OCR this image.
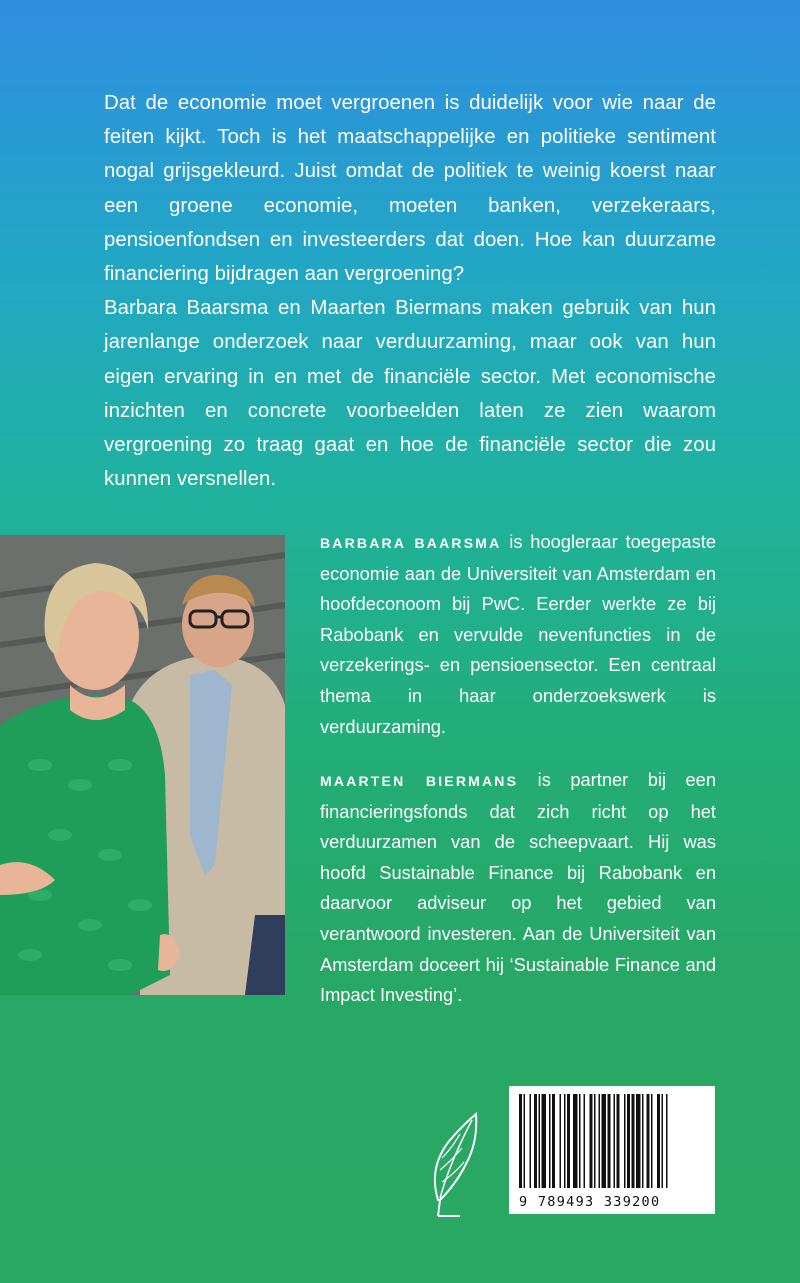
Dat de economie moet vergroenen is duidelijk voor wie naar de feiten kijkt. Toch is het maatschappelijke en politieke sentiment nogal grijsgekleurd. Juist omdat de politiek te weinig koerst naar een groene economie, moeten banken, verzekeraars, pensioenfondsen en investeerders dat doen. Hoe kan duurzame financiering bijdragen aan vergroening?

Barbara Baarsma en Maarten Biermans maken gebruik van hun jarenlange onderzoek naar verduurzaming, maar ook van hun eigen ervaring in en met de financiële sector. Met economische inzichten en concrete voorbeelden laten ze zien waarom vergroening zo traag gaat en hoe de financiële sector die zou kunnen versnellen.

BARBARA BAARSMA is hoogleraar toegepaste economie aan de Universiteit van Amsterdam en hoofdeconoom bij PwC. Eerder werkte ze bij Rabobank en vervulde nevenfuncties in de verzekerings- en pensioensector. Een centraal thema in haar onderzoekswerk is verduurzaming.
MAARTEN BIERMANS is partner bij een financieringsfonds dat zich richt op het verduurzamen van de scheepvaart. Hij was hoofd Sustainable Finance bij Rabobank en daarvoor adviseur op het gebied van verantwoord investeren. Aan de Universiteit van Amsterdam doceert hij ‘Sustainable Finance and Impact Investing’.
9 789493 339200
